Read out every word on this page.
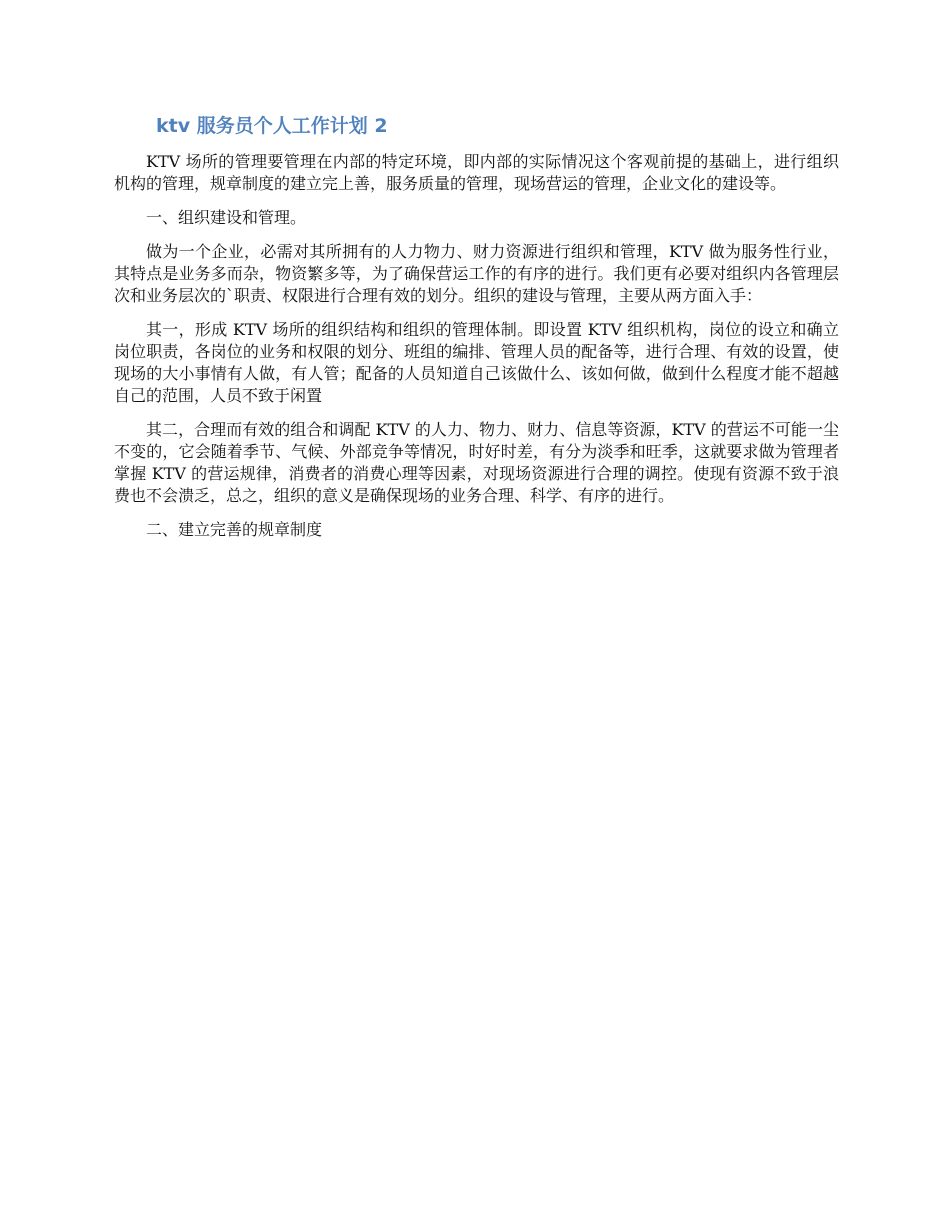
ktv 服务员个人工作计划 2

KTV 场所的管理要管理在内部的特定环境，即内部的实际情况这个客观前提的基础上，进行组织机构的管理，规章制度的建立完上善，服务质量的管理，现场营运的管理，企业文化的建设等。

一、组织建设和管理。

做为一个企业，必需对其所拥有的人力物力、财力资源进行组织和管理，KTV 做为服务性行业，其特点是业务多而杂，物资繁多等，为了确保营运工作的有序的进行。我们更有必要对组织内各管理层次和业务层次的`职责、权限进行合理有效的划分。组织的建设与管理，主要从两方面入手：

其一，形成 KTV 场所的组织结构和组织的管理体制。即设置 KTV 组织机构，岗位的设立和确立岗位职责，各岗位的业务和权限的划分、班组的编排、管理人员的配备等，进行合理、有效的设置，使现场的大小事情有人做，有人管；配备的人员知道自己该做什么、该如何做，做到什么程度才能不超越自己的范围，人员不致于闲置

其二，合理而有效的组合和调配 KTV 的人力、物力、财力、信息等资源，KTV 的营运不可能一尘不变的，它会随着季节、气候、外部竞争等情况，时好时差，有分为淡季和旺季，这就要求做为管理者掌握 KTV 的营运规律，消费者的消费心理等因素，对现场资源进行合理的调控。使现有资源不致于浪费也不会溃乏，总之，组织的意义是确保现场的业务合理、科学、有序的进行。

二、建立完善的规章制度
